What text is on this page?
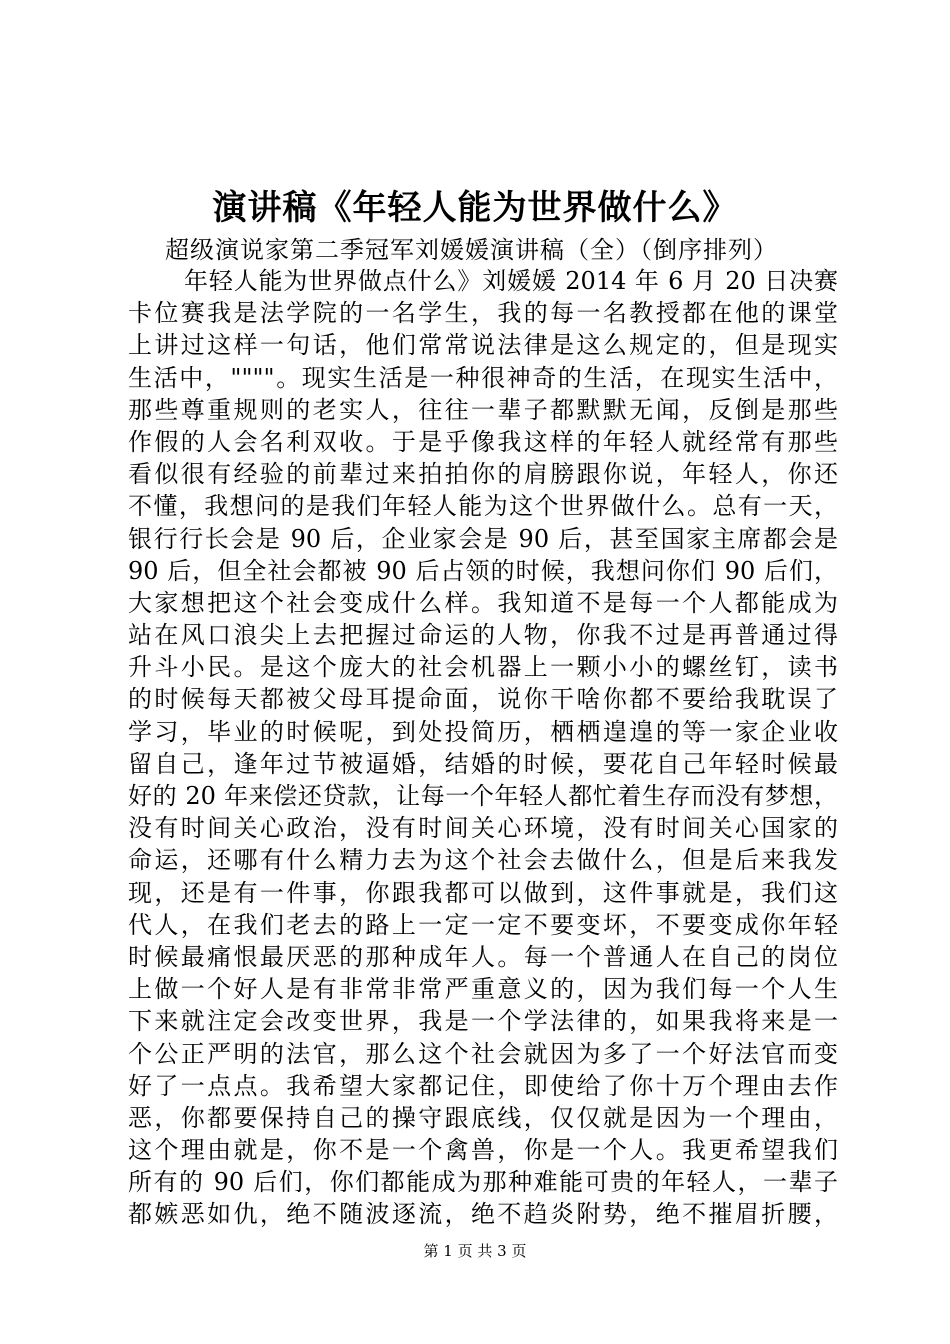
演讲稿《年轻人能为世界做什么》
超级演说家第二季冠军刘媛媛演讲稿（全）（倒序排列）
年轻人能为世界做点什么》刘媛媛 2014 年 6 月 20 日决赛
卡位赛我是法学院的一名学生，我的每一名教授都在他的课堂
上讲过这样一句话，他们常常说法律是这么规定的，但是现实
生活中，""""。现实生活是一种很神奇的生活，在现实生活中，
那些尊重规则的老实人，往往一辈子都默默无闻，反倒是那些
作假的人会名利双收。于是乎像我这样的年轻人就经常有那些
看似很有经验的前辈过来拍拍你的肩膀跟你说，年轻人，你还
不懂，我想问的是我们年轻人能为这个世界做什么。总有一天，
银行行长会是 90 后，企业家会是 90 后，甚至国家主席都会是
90 后，但全社会都被 90 后占领的时候，我想问你们 90 后们，
大家想把这个社会变成什么样。我知道不是每一个人都能成为
站在风口浪尖上去把握过命运的人物，你我不过是再普通过得
升斗小民。是这个庞大的社会机器上一颗小小的螺丝钉，读书
的时候每天都被父母耳提命面，说你干啥你都不要给我耽误了
学习，毕业的时候呢，到处投简历，栖栖遑遑的等一家企业收
留自己，逢年过节被逼婚，结婚的时候，要花自己年轻时候最
好的 20 年来偿还贷款，让每一个年轻人都忙着生存而没有梦想，
没有时间关心政治，没有时间关心环境，没有时间关心国家的
命运，还哪有什么精力去为这个社会去做什么，但是后来我发
现，还是有一件事，你跟我都可以做到，这件事就是，我们这
代人，在我们老去的路上一定一定不要变坏，不要变成你年轻
时候最痛恨最厌恶的那种成年人。每一个普通人在自己的岗位
上做一个好人是有非常非常严重意义的，因为我们每一个人生
下来就注定会改变世界，我是一个学法律的，如果我将来是一
个公正严明的法官，那么这个社会就因为多了一个好法官而变
好了一点点。我希望大家都记住，即使给了你十万个理由去作
恶，你都要保持自己的操守跟底线，仅仅就是因为一个理由，
这个理由就是，你不是一个禽兽，你是一个人。我更希望我们
所有的 90 后们，你们都能成为那种难能可贵的年轻人，一辈子
都嫉恶如仇，绝不随波逐流，绝不趋炎附势，绝不摧眉折腰，
第 1 页 共 3 页
